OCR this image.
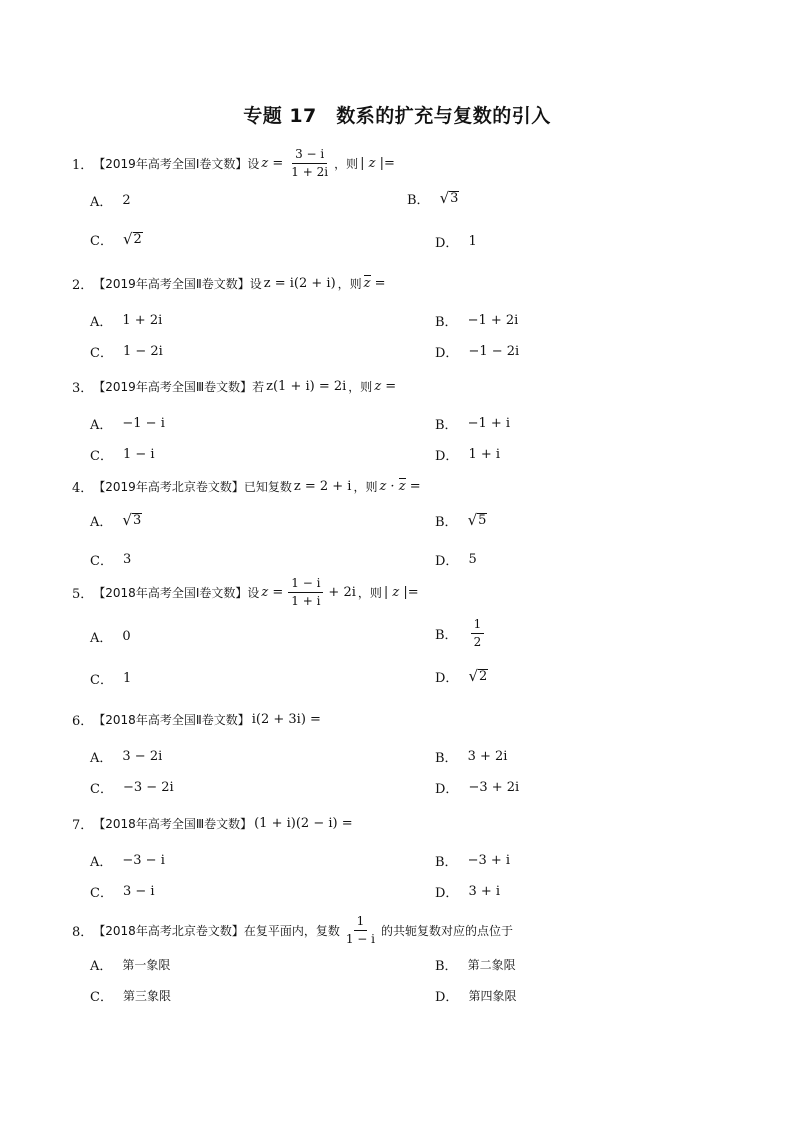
专题 17　数系的扩充与复数的引入
1． 【2019年高考全国Ⅰ卷文数】 设 $z = \frac{3 - i}{1 + 2i}$ ，则 | z |=
A． 2	B． √ 3
C． √ 2	D． 1
2． 【2019年高考全国Ⅱ卷文数】 设 z = i(2 + i) ，则 z =
A． 1 + 2i	B． −1 + 2i
C． 1 − 2i	D． −1 − 2i
3． 【2019年高考全国Ⅲ卷文数】 若 z(1 + i) = 2i ，则 z =
A． −1 − i	B． −1 + i
C． 1 − i	D． 1 + i
4． 【2019年高考北京卷文数】 已知复数 z = 2 + i ，则 z · z =
A． √ 3	B． √ 5
C． 3	D． 5
5． 【2018年高考全国Ⅰ卷文数】 设 $z = \frac{1 - i}{1 + i} + 2i$ ，则 | z |=
A． 0	B． $\frac{1}{2}$
C． 1	D． √ 2
6． 【2018年高考全国Ⅱ卷文数】 i(2 + 3i) =
A． 3 − 2i	B． 3 + 2i
C． −3 − 2i	D． −3 + 2i
7． 【2018年高考全国Ⅲ卷文数】 (1 + i)(2 − i) =
A． −3 − i	B． −3 + i
C． 3 − i	D． 3 + i
8． 【2018年高考北京卷文数】 在复平面内，复数 $\frac{1}{1 - i}$ 的共轭复数对应的点位于
A． 第一象限	B． 第二象限
C． 第三象限	D． 第四象限
